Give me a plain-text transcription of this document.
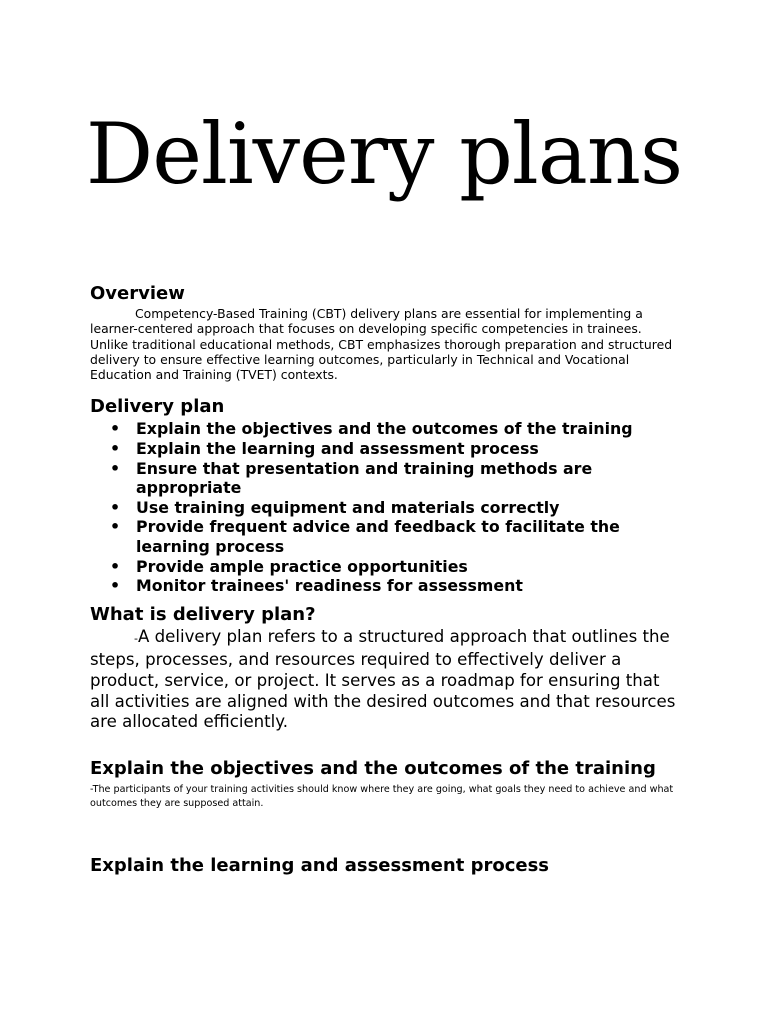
Delivery plans
Overview

Competency-Based Training (CBT) delivery plans are essential for implementing a learner-centered approach that focuses on developing specific competencies in trainees. Unlike traditional educational methods, CBT emphasizes thorough preparation and structured delivery to ensure effective learning outcomes, particularly in Technical and Vocational Education and Training (TVET) contexts.

Delivery plan
• Explain the objectives and the outcomes of the training
• Explain the learning and assessment process
• Ensure that presentation and training methods are appropriate
• Use training equipment and materials correctly
• Provide frequent advice and feedback to facilitate the learning process
• Provide ample practice opportunities
• Monitor trainees' readiness for assessment
What is delivery plan?

-A delivery plan refers to a structured approach that outlines the steps, processes, and resources required to effectively deliver a product, service, or project. It serves as a roadmap for ensuring that all activities are aligned with the desired outcomes and that resources are allocated efficiently.

Explain the objectives and the outcomes of the training

-The participants of your training activities should know where they are going, what goals they need to achieve and what outcomes they are supposed attain.

Explain the learning and assessment process
